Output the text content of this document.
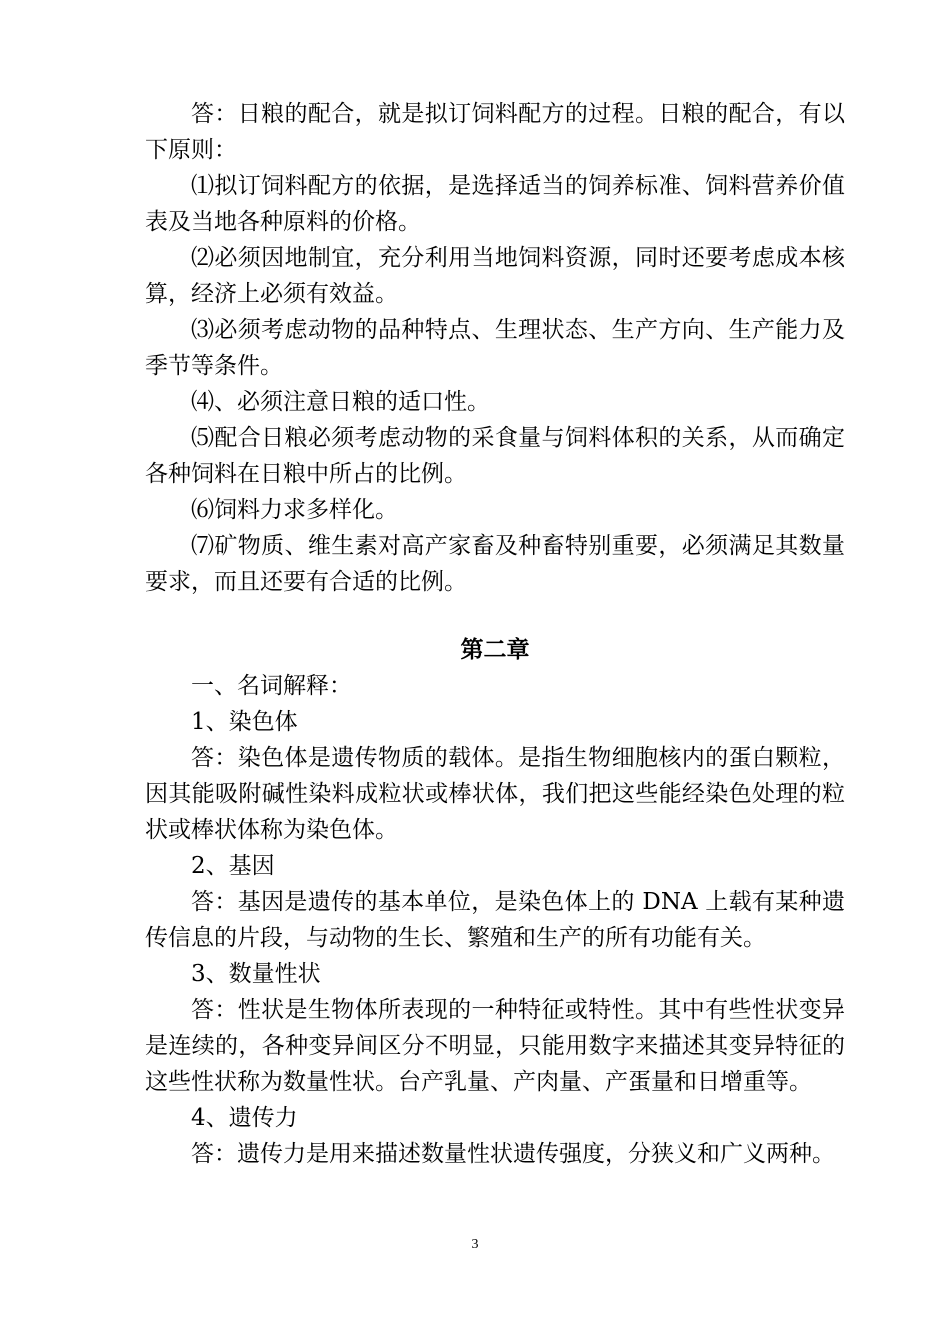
答：日粮的配合，就是拟订饲料配方的过程。日粮的配合，有以下原则：

⑴拟订饲料配方的依据，是选择适当的饲养标准、饲料营养价值表及当地各种原料的价格。

⑵必须因地制宜，充分利用当地饲料资源，同时还要考虑成本核算，经济上必须有效益。

⑶必须考虑动物的品种特点、生理状态、生产方向、生产能力及季节等条件。

⑷、必须注意日粮的适口性。

⑸配合日粮必须考虑动物的采食量与饲料体积的关系，从而确定各种饲料在日粮中所占的比例。

⑹饲料力求多样化。

⑺矿物质、维生素对高产家畜及种畜特别重要，必须满足其数量要求，而且还要有合适的比例。

第二章

一、名词解释：

1、染色体

答：染色体是遗传物质的载体。是指生物细胞核内的蛋白颗粒，因其能吸附碱性染料成粒状或棒状体，我们把这些能经染色处理的粒状或棒状体称为染色体。

2、基因

答：基因是遗传的基本单位，是染色体上的 DNA 上载有某种遗传信息的片段，与动物的生长、繁殖和生产的所有功能有关。

3、数量性状

答：性状是生物体所表现的一种特征或特性。其中有些性状变异是连续的，各种变异间区分不明显，只能用数字来描述其变异特征的这些性状称为数量性状。台产乳量、产肉量、产蛋量和日增重等。

4、遗传力

答：遗传力是用来描述数量性状遗传强度，分狭义和广义两种。

3
